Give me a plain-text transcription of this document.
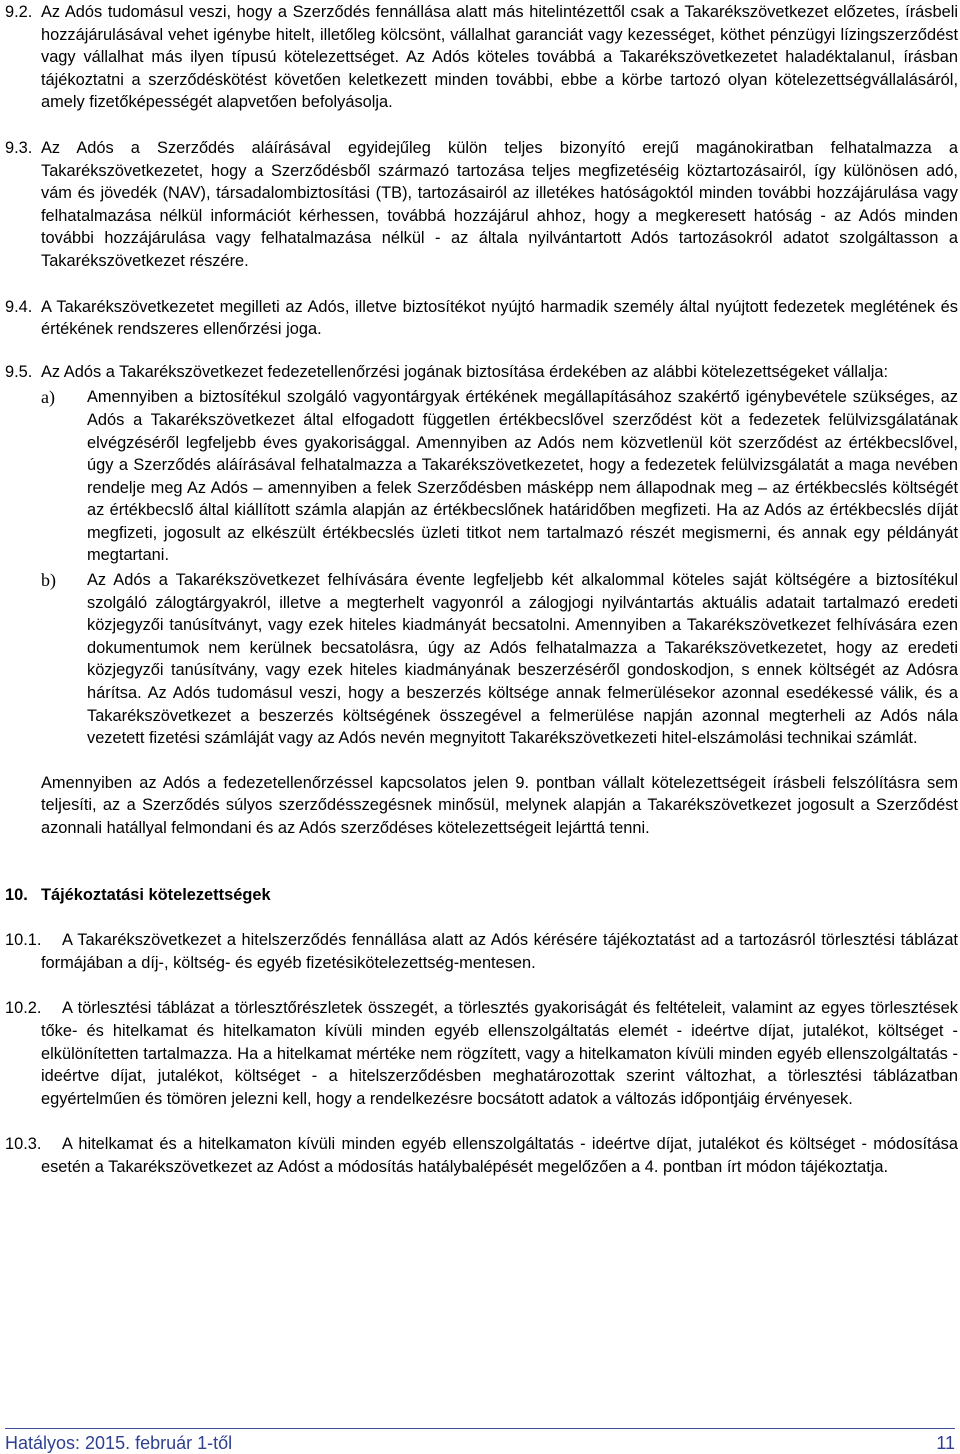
9.2. Az Adós tudomásul veszi, hogy a Szerződés fennállása alatt más hitelintézettől csak a Takarékszövetkezet előzetes, írásbeli hozzájárulásával vehet igénybe hitelt, illetőleg kölcsönt, vállalhat garanciát vagy kezességet, köthet pénzügyi lízingszerződést vagy vállalhat más ilyen típusú kötelezettséget. Az Adós köteles továbbá a Takarékszövetkezetet haladéktalanul, írásban tájékoztatni a szerződéskötést követően keletkezett minden további, ebbe a körbe tartozó olyan kötelezettségvállalásáról, amely fizetőképességét alapvetően befolyásolja.
9.3. Az Adós a Szerződés aláírásával egyidejűleg külön teljes bizonyító erejű magánokiratban felhatalmazza a Takarékszövetkezetet, hogy a Szerződésből származó tartozása teljes megfizetéséig köztartozásairól, így különösen adó, vám és jövedék (NAV), társadalombiztosítási (TB), tartozásairól az illetékes hatóságoktól minden további hozzájárulása vagy felhatalmazása nélkül információt kérhessen, továbbá hozzájárul ahhoz, hogy a megkeresett hatóság - az Adós minden további hozzájárulása vagy felhatalmazása nélkül - az általa nyilvántartott Adós tartozásokról adatot szolgáltasson a Takarékszövetkezet részére.
9.4. A Takarékszövetkezetet megilleti az Adós, illetve biztosítékot nyújtó harmadik személy által nyújtott fedezetek meglétének és értékének rendszeres ellenőrzési joga.
9.5. Az Adós a Takarékszövetkezet fedezetellenőrzési jogának biztosítása érdekében az alábbi kötelezettségeket vállalja:
a)	Amennyiben a biztosítékul szolgáló vagyontárgyak értékének megállapításához szakértő igénybevétele szükséges, az Adós a Takarékszövetkezet által elfogadott független értékbecslővel szerződést köt a fedezetek felülvizsgálatának elvégzéséről legfeljebb éves gyakorisággal. Amennyiben az Adós nem közvetlenül köt szerződést az értékbecslővel, úgy a Szerződés aláírásával felhatalmazza a Takarékszövetkezetet, hogy a fedezetek felülvizsgálatát a maga nevében rendelje meg Az Adós – amennyiben a felek Szerződésben másképp nem állapodnak meg – az értékbecslés költségét az értékbecslő által kiállított számla alapján az értékbecslőnek határidőben megfizeti. Ha az Adós az értékbecslés díját megfizeti, jogosult az elkészült értékbecslés üzleti titkot nem tartalmazó részét megismerni, és annak egy példányát megtartani.
b)	Az Adós a Takarékszövetkezet felhívására évente legfeljebb két alkalommal köteles saját költségére a biztosítékul szolgáló zálogtárgyakról, illetve a megterhelt vagyonról a zálogjogi nyilvántartás aktuális adatait tartalmazó eredeti közjegyzői tanúsítványt, vagy ezek hiteles kiadmányát becsatolni. Amennyiben a Takarékszövetkezet felhívására ezen dokumentumok nem kerülnek becsatolásra, úgy az Adós felhatalmazza a Takarékszövetkezetet, hogy az eredeti közjegyzői tanúsítvány, vagy ezek hiteles kiadmányának beszerzéséről gondoskodjon, s ennek költségét az Adósra hárítsa. Az Adós tudomásul veszi, hogy a beszerzés költsége annak felmerülésekor azonnal esedékessé válik, és a Takarékszövetkezet a beszerzés költségének összegével a felmerülése napján azonnal megterheli az Adós nála vezetett fizetési számláját vagy az Adós nevén megnyitott Takarékszövetkezeti hitel-elszámolási technikai számlát.
Amennyiben az Adós a fedezetellenőrzéssel kapcsolatos jelen 9. pontban vállalt kötelezettségeit írásbeli felszólításra sem teljesíti, az a Szerződés súlyos szerződésszegésnek minősül, melynek alapján a Takarékszövetkezet jogosult a Szerződést azonnali hatállyal felmondani és az Adós szerződéses kötelezettségeit lejárttá tenni.
10. Tájékoztatási kötelezettségek
10.1.	A Takarékszövetkezet a hitelszerződés fennállása alatt az Adós kérésére tájékoztatást ad a tartozásról törlesztési táblázat formájában a díj-, költség- és egyéb fizetésikötelezettség-mentesen.
10.2.	A törlesztési táblázat a törlesztőrészletek összegét, a törlesztés gyakoriságát és feltételeit, valamint az egyes törlesztések tőke- és hitelkamat és hitelkamaton kívüli minden egyéb ellenszolgáltatás elemét - ideértve díjat, jutalékot, költséget - elkülönítetten tartalmazza. Ha a hitelkamat mértéke nem rögzített, vagy a hitelkamaton kívüli minden egyéb ellenszolgáltatás - ideértve díjat, jutalékot, költséget - a hitelszerződésben meghatározottak szerint változhat, a törlesztési táblázatban egyértelműen és tömören jelezni kell, hogy a rendelkezésre bocsátott adatok a változás időpontjáig érvényesek.
10.3.	A hitelkamat és a hitelkamaton kívüli minden egyéb ellenszolgáltatás - ideértve díjat, jutalékot és költséget - módosítása esetén a Takarékszövetkezet az Adóst a módosítás hatálybalépését megelőzően a 4. pontban írt módon tájékoztatja.
Hatályos: 2015. február 1-től	11
